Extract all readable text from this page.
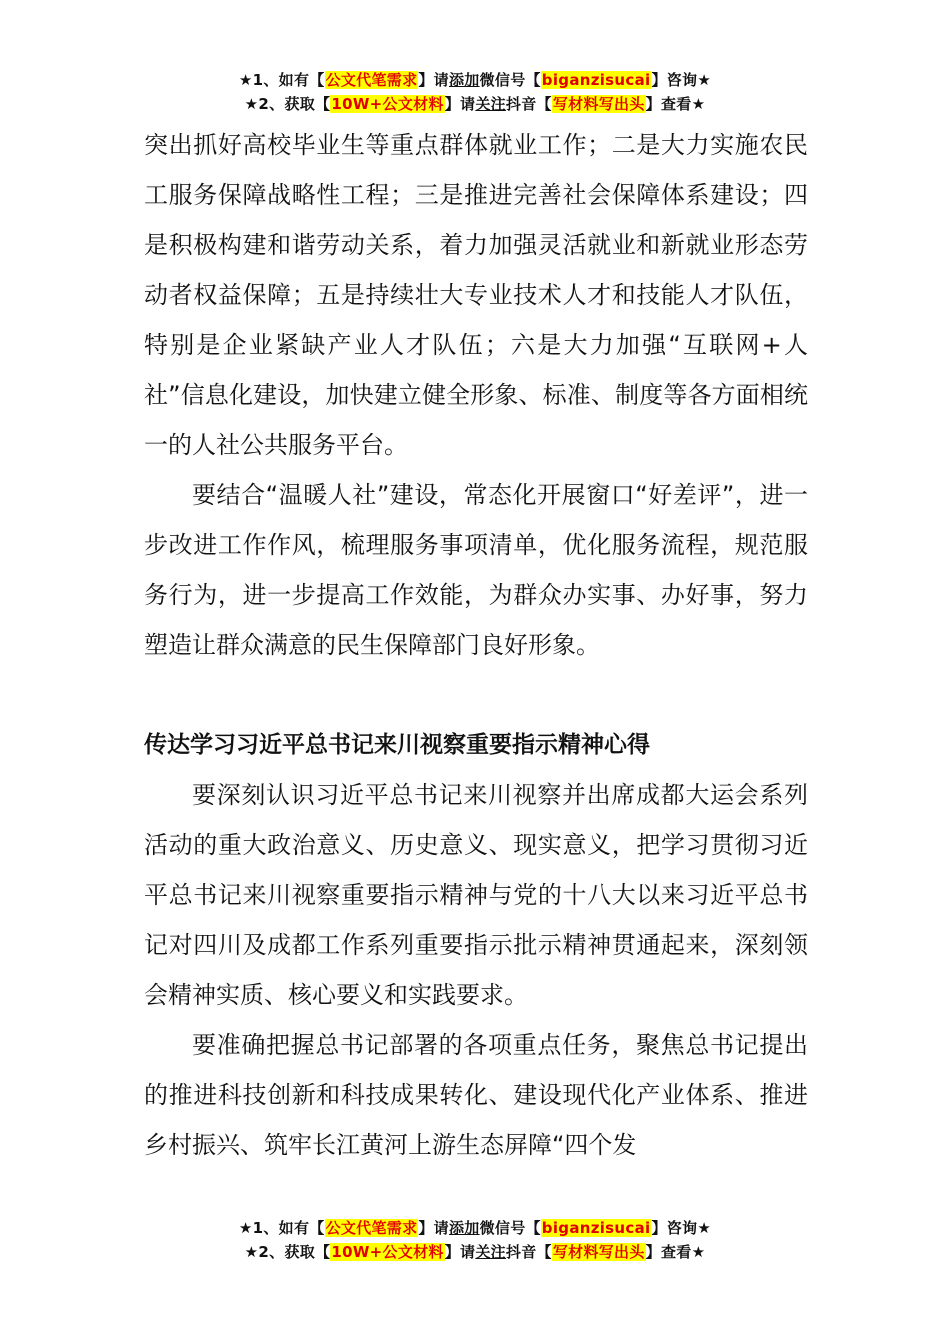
★1、如有【公文代笔需求】请添加微信号【biganzisucai】咨询★
★2、获取【10W+公文材料】请关注抖音【写材料写出头】查看★

突出抓好高校毕业生等重点群体就业工作；二是大力实施农民工服务保障战略性工程；三是推进完善社会保障体系建设；四是积极构建和谐劳动关系，着力加强灵活就业和新就业形态劳动者权益保障；五是持续壮大专业技术人才和技能人才队伍，特别是企业紧缺产业人才队伍；六是大力加强“互联网+人社”信息化建设，加快建立健全形象、标准、制度等各方面相统一的人社公共服务平台。

要结合“温暖人社”建设，常态化开展窗口“好差评”，进一步改进工作作风，梳理服务事项清单，优化服务流程，规范服务行为，进一步提高工作效能，为群众办实事、办好事，努力塑造让群众满意的民生保障部门良好形象。

传达学习习近平总书记来川视察重要指示精神心得

要深刻认识习近平总书记来川视察并出席成都大运会系列活动的重大政治意义、历史意义、现实意义，把学习贯彻习近平总书记来川视察重要指示精神与党的十八大以来习近平总书记对四川及成都工作系列重要指示批示精神贯通起来，深刻领会精神实质、核心要义和实践要求。

要准确把握总书记部署的各项重点任务，聚焦总书记提出的推进科技创新和科技成果转化、建设现代化产业体系、推进乡村振兴、筑牢长江黄河上游生态屏障“四个发

★1、如有【公文代笔需求】请添加微信号【biganzisucai】咨询★
★2、获取【10W+公文材料】请关注抖音【写材料写出头】查看★
